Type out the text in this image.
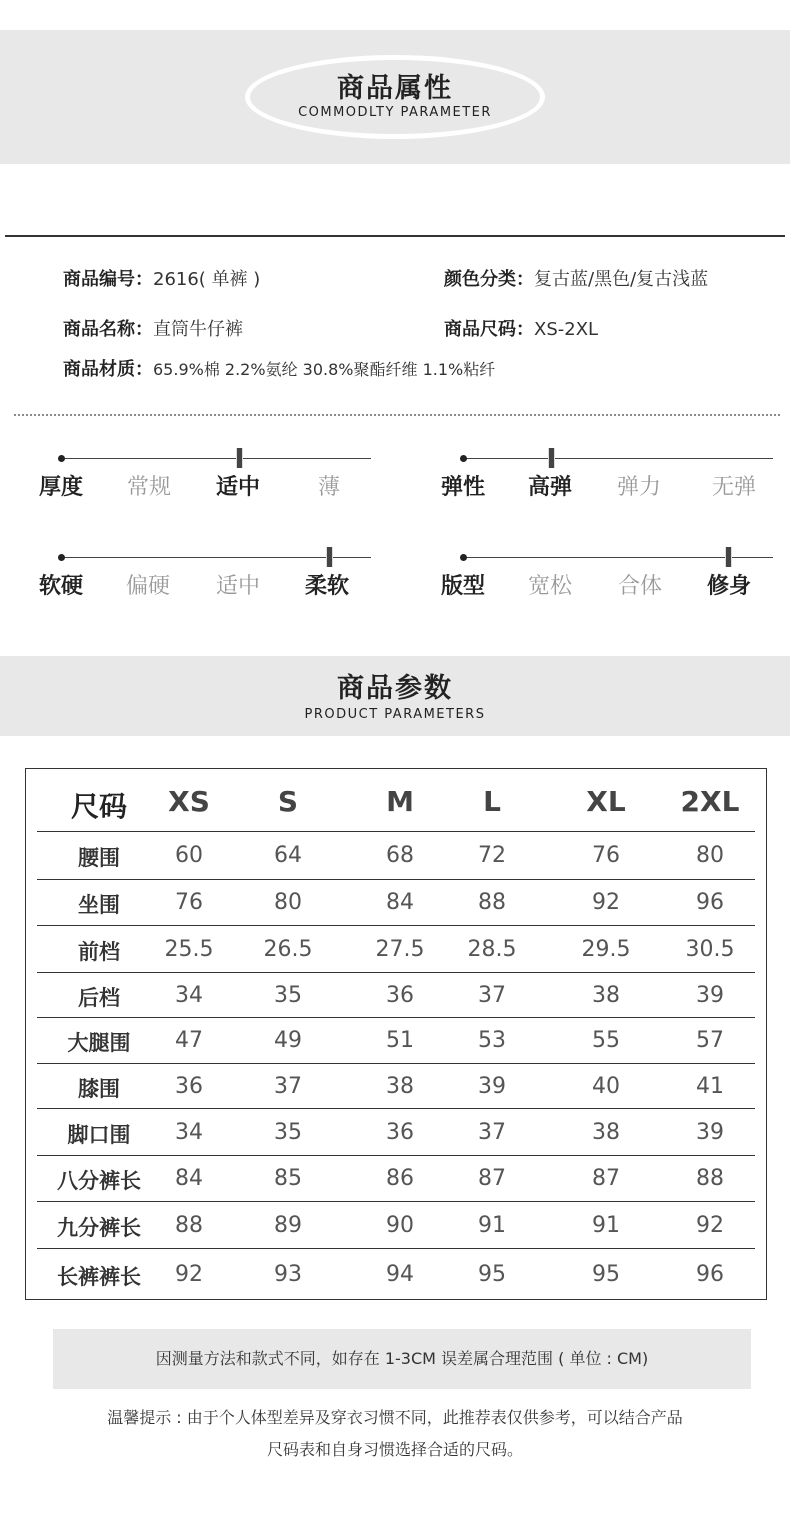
商品属性
COMMODLTY PARAMETER
商品编号：2616( 单裤 )	颜色分类：复古蓝/黑色/复古浅蓝
商品名称：直筒牛仔裤	商品尺码：XS-2XL
商品材质：65.9%棉 2.2%氨纶 30.8%聚酯纤维 1.1%粘纤
厚度 常规 适中	薄	弹性 高弹 弹力 无弹
软硬 偏硬 适中 柔软	版型 宽松 合体 修身
商品参数
PRODUCT PARAMETERS
尺码 XS S	M L	XL 2XL
腰围	60	64	68	72	76	80
坐围	76	80	84	88	92	96
前档 25.5 26.5	27.5 28.5	29.5	30.5
后档	34	35	36	37	38	39
大腿围 47	49	51	53	55	57
膝围	36	37	38	39	40	41
脚口围 34	35	36	37	38	39
八分裤长 84	85	86	87	87	88
九分裤长 88	89	90	91	91	92
长裤裤长 92	93	94	95	95	96
因测量方法和款式不同，如存在 1-3CM 误差属合理范围 ( 单位 : CM)
温馨提示 : 由于个人体型差异及穿衣习惯不同，此推荐表仅供参考，可以结合产品
尺码表和自身习惯选择合适的尺码。
